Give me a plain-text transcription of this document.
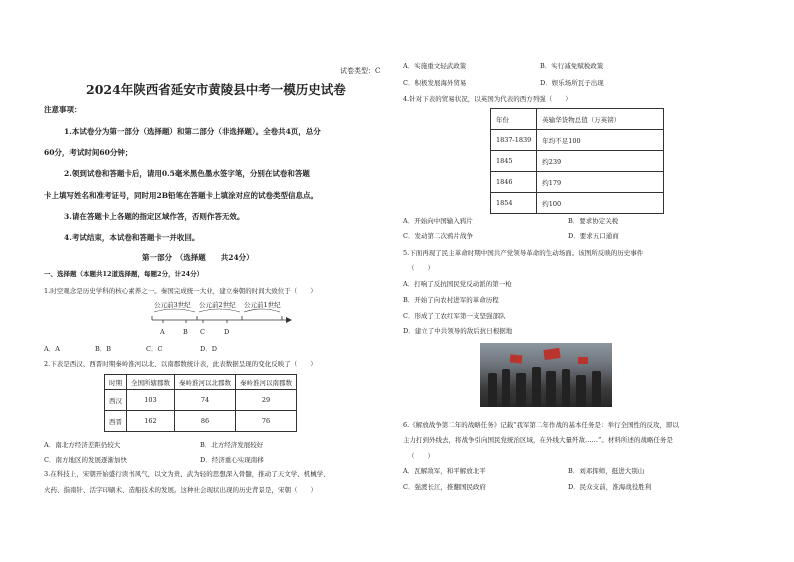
试卷类型：C
2024年陕西省延安市黄陵县中考一模历史试卷
注意事项：
1.本试卷分为第一部分（选择题）和第二部分（非选择题）。全卷共4页，总分
60分，考试时间60分钟；
2.领到试卷和答题卡后，请用0.5毫米黑色墨水签字笔，分别在试卷和答题
卡上填写姓名和准考证号，同时用2B铅笔在答题卡上填涂对应的试卷类型信息点。
3.请在答题卡上各题的指定区域作答，否则作答无效。
4.考试结束，本试卷和答题卡一并收回。
第一部分　（选择题　　共24分）
一、选择题（本题共12道选择题，每题2分，计24分）
1.时空观念是历史学科的核心素养之一。秦国完成统一大业，建立秦朝的时间大致位于（　　）
公元前3世纪 公元前2世纪 公元前1世纪
A	B C	D
A．A	B．B	C．C	D．D
2.下表是西汉、西晋时期秦岭淮河以北、以南郡数统计表，此表数据呈现的变化反映了（　　）
时期	全国所辖郡数	秦岭淮河以北郡数	秦岭淮河以南郡数
西汉	103	74	29
西晋	162	86	76
A．南北方经济差距仍较大	B．北方经济发展较好
C．南方地区的发展逐渐加快	D．经济重心实现南移
3.在科技上，宋朝开始盛行读书风气，以文为贵、武为轻的思想深入骨髓，推动了天文学、机械学、
火药、指南针、活字印刷术、造船技术的发展。这种社会现状出现的历史背景是，宋朝（　　）
A．实施重文轻武政策	B．实行减免赋税政策
C．积极发展海外贸易	D．娱乐场所瓦子出现
4.针对下表的贸易状况，以英国为代表的西方列强（　　）
年份	英输华货物总值（万英镑）
1837-1839	年均不足100
1845	约239
1846	约179
1854	约100
A．开始向中国输入鸦片	B．要求协定关税
C．发动第二次鸦片战争	D．要求五口通商
5.下面再现了民主革命时期中国共产党领导革命的生动场面。该图所反映的历史事件
（　　）
A．打响了反抗国民党反动派的第一枪
B．开始了向农村进军的革命历程
C．形成了工农红军第一支坚强部队
D．建立了中共领导的敌后抗日根据地
6.《解放战争第二年的战略任务》记载“我军第二年作战的基本任务是：举行全国性的反攻，即以
主力打到外线去，将战争引向国民党统治区域，在外线大量歼敌……”。材料所述的战略任务是
（　　）
A．瓦解敌军，和平解放北平	B．刘邓挥师，挺进大别山
C．强渡长江，推翻国民政府	D．民众支前，淮海战役胜利
